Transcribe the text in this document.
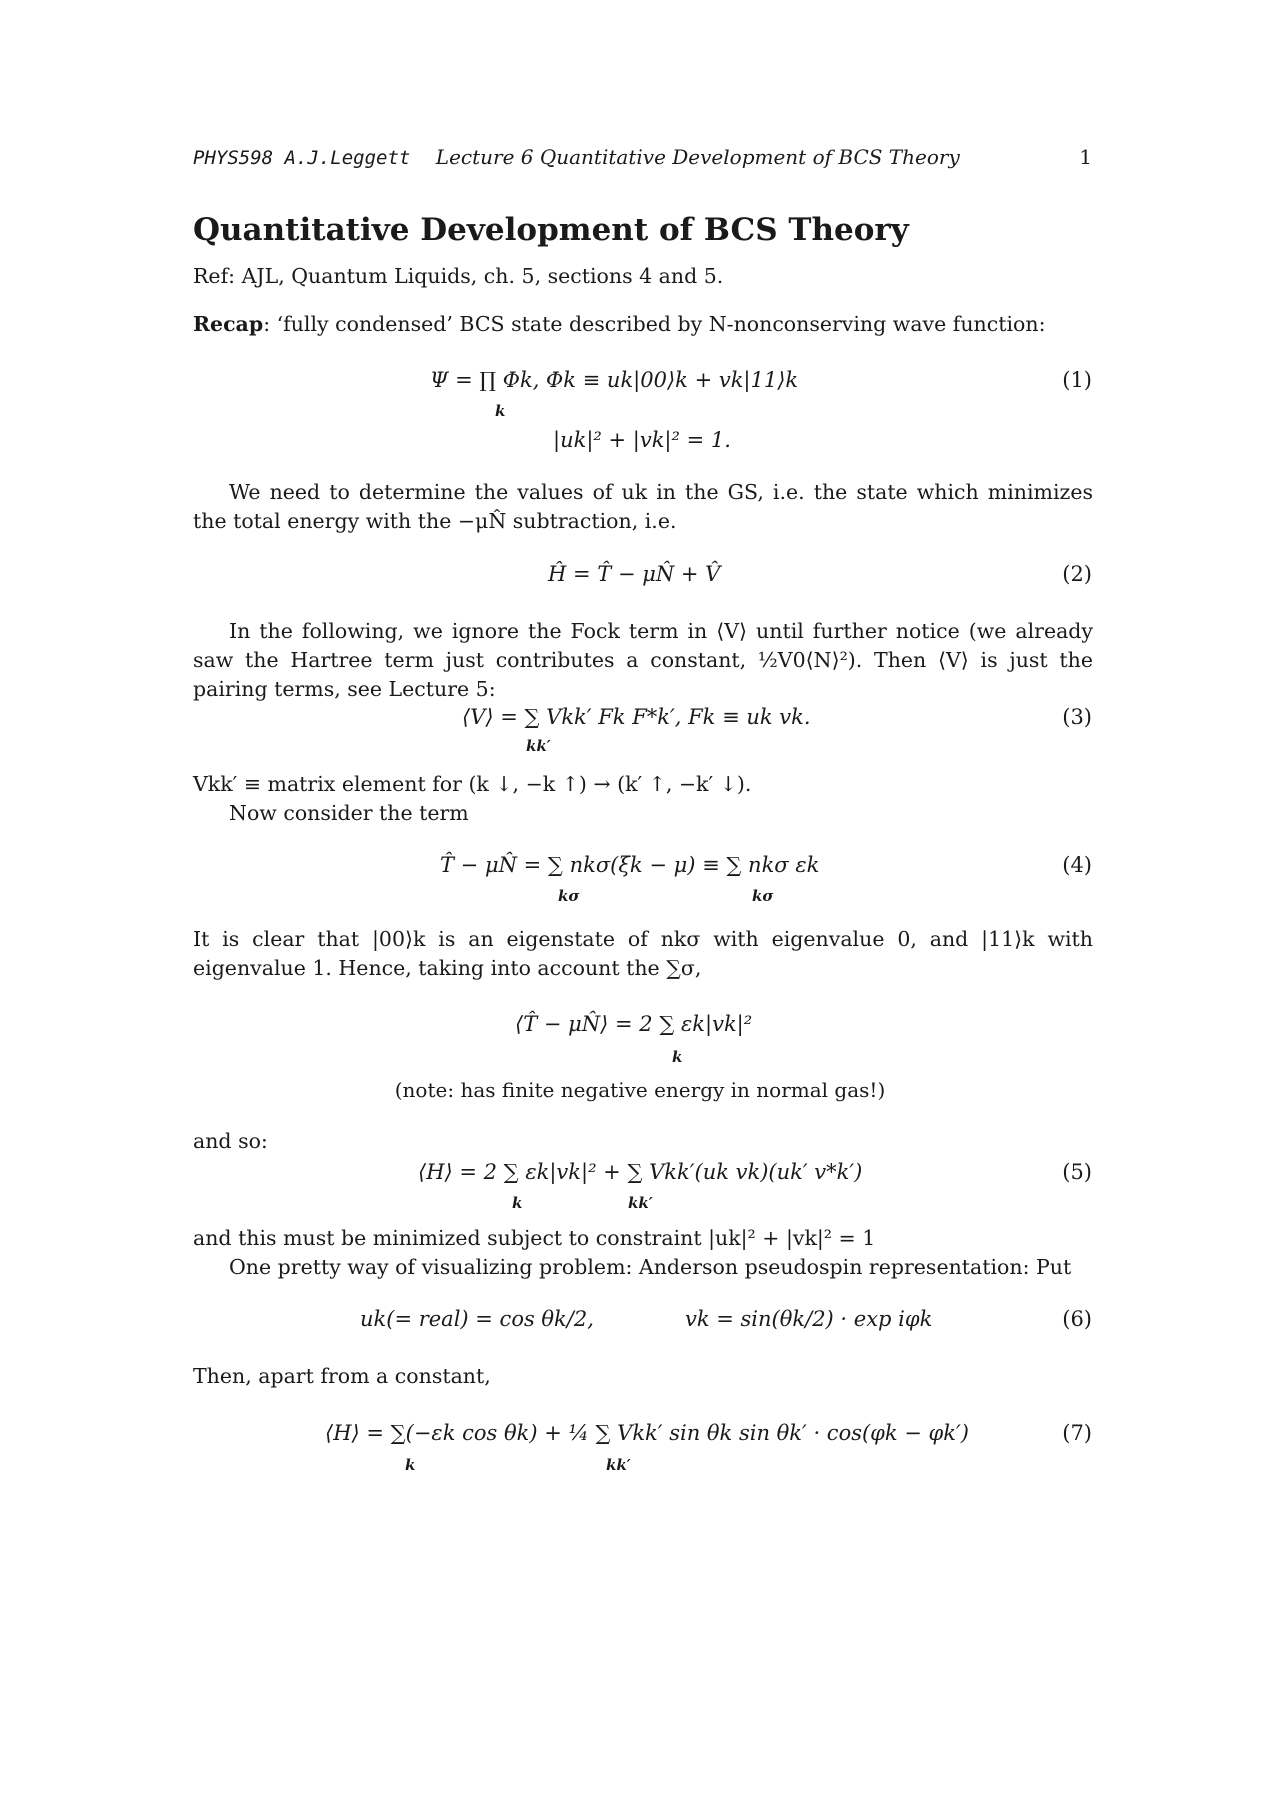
PHYS598 A.J.Leggett Lecture 6 Quantitative Development of BCS Theory	1
Quantitative Development of BCS Theory
Ref: AJL, Quantum Liquids, ch. 5, sections 4 and 5.
Recap: ‘fully condensed’ BCS state described by N-nonconserving wave function:
Ψ = ∏ Φk, Φk ≡ uk|00⟩k + vk|11⟩k
k
(1)
|uk|² + |vk|² = 1.
We need to determine the values of uk in the GS, i.e. the state which minimizes the total energy with the −μN̂ subtraction, i.e.
Ĥ = T̂ − μN̂ + V̂	(2)
In the following, we ignore the Fock term in ⟨V⟩ until further notice (we already saw the Hartree term just contributes a constant, ½V0⟨N⟩²). Then ⟨V⟩ is just the pairing terms, see Lecture 5:
⟨V⟩ = ∑ Vkk′ Fk F*k′, Fk ≡ uk vk.
kk′
(3)
Vkk′ ≡ matrix element for (k ↓, −k ↑) → (k′ ↑, −k′ ↓).
Now consider the term
T̂ − μN̂ = ∑ nkσ(ξk − μ) ≡ ∑ nkσ εk
kσ	kσ
(4)
It is clear that |00⟩k is an eigenstate of nkσ with eigenvalue 0, and |11⟩k with eigenvalue 1. Hence, taking into account the ∑σ,
⟨T̂ − μN̂⟩ = 2 ∑ εk|vk|²
k
(note: has finite negative energy in normal gas!)
and so:
⟨H⟩ = 2 ∑ εk|vk|² + ∑ Vkk′(uk vk)(uk′ v*k′)
k	kk′
(5)
and this must be minimized subject to constraint |uk|² + |vk|² = 1
One pretty way of visualizing problem: Anderson pseudospin representation: Put
uk(= real) = cos θk/2,	vk = sin(θk/2) · exp iφk	(6)
Then, apart from a constant,
⟨H⟩ = ∑(−εk cos θk) + ¼ ∑ Vkk′ sin θk sin θk′ · cos(φk − φk′)
k	kk′
(7)
